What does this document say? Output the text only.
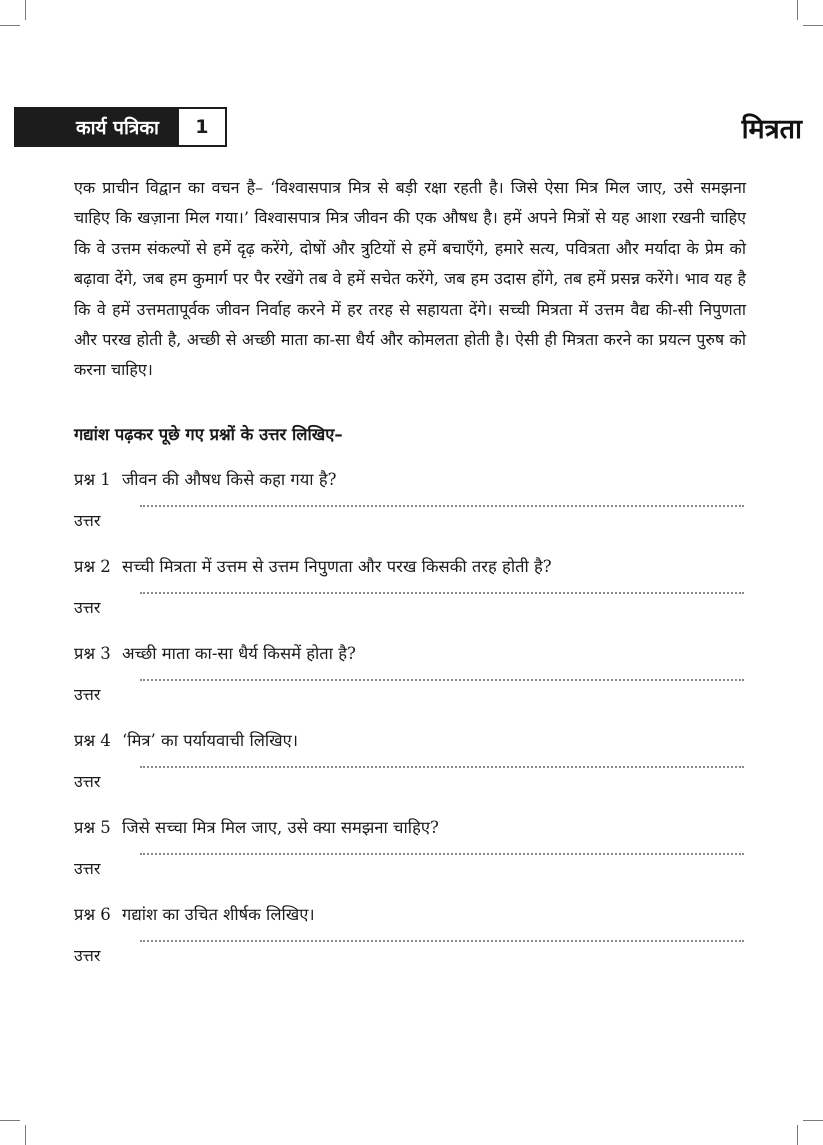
कार्य पत्रिका	1	मित्रता

एक प्राचीन विद्वान का वचन है– ‘विश्वासपात्र मित्र से बड़ी रक्षा रहती है। जिसे ऐसा मित्र मिल जाए, उसे समझना चाहिए कि खज़ाना मिल गया।’ विश्वासपात्र मित्र जीवन की एक औषध है। हमें अपने मित्रों से यह आशा रखनी चाहिए कि वे उत्तम संकल्पों से हमें दृढ़ करेंगे, दोषों और त्रुटियों से हमें बचाएँगे, हमारे सत्य, पवित्रता और मर्यादा के प्रेम को बढ़ावा देंगे, जब हम कुमार्ग पर पैर रखेंगे तब वे हमें सचेत करेंगे, जब हम उदास होंगे, तब हमें प्रसन्न करेंगे। भाव यह है कि वे हमें उत्तमतापूर्वक जीवन निर्वाह करने में हर तरह से सहायता देंगे। सच्ची मित्रता में उत्तम वैद्य की-सी निपुणता और परख होती है, अच्छी से अच्छी माता का-सा धैर्य और कोमलता होती है। ऐसी ही मित्रता करने का प्रयत्न पुरुष को करना चाहिए।

गद्यांश पढ़कर पूछे गए प्रश्नों के उत्तर लिखिए–

प्रश्न 1 जीवन की औषध किसे कहा गया है?
उत्तर
प्रश्न 2 सच्ची मित्रता में उत्तम से उत्तम निपुणता और परख किसकी तरह होती है?
उत्तर
प्रश्न 3 अच्छी माता का-सा धैर्य किसमें होता है?
उत्तर
प्रश्न 4 ‘मित्र’ का पर्यायवाची लिखिए।
उत्तर
प्रश्न 5 जिसे सच्चा मित्र मिल जाए, उसे क्या समझना चाहिए?
उत्तर
प्रश्न 6 गद्यांश का उचित शीर्षक लिखिए।
उत्तर
